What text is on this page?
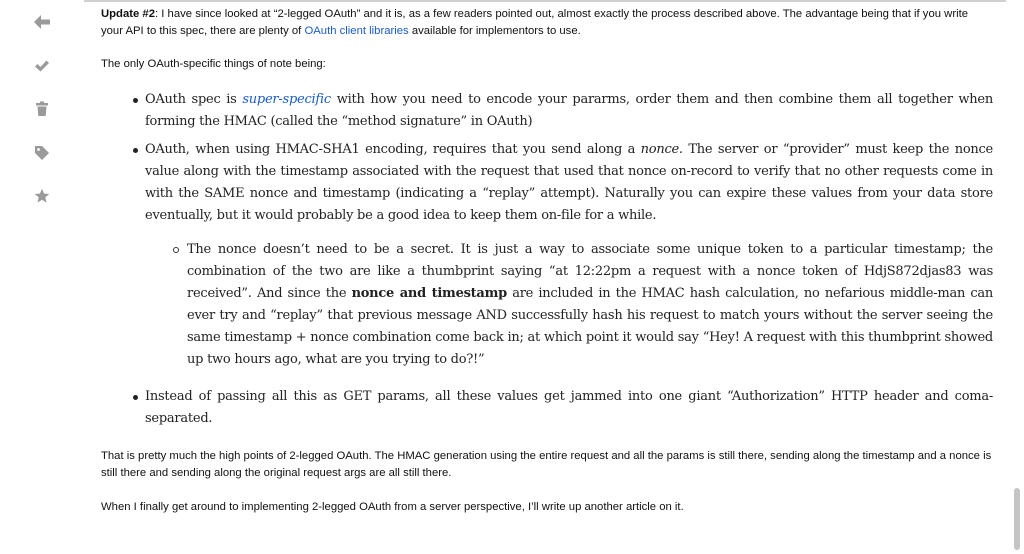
Update #2: I have since looked at “2-legged OAuth” and it is, as a few readers pointed out, almost exactly the process described above. The advantage being that if you write your API to this spec, there are plenty of OAuth client libraries available for implementors to use.

The only OAuth-specific things of note being:

OAuth spec is super-specific with how you need to encode your pararms, order them and then combine them all together when forming the HMAC (called the “method signature” in OAuth)
OAuth, when using HMAC-SHA1 encoding, requires that you send along a nonce. The server or “provider” must keep the nonce value along with the timestamp associated with the request that used that nonce on-record to verify that no other requests come in with the SAME nonce and timestamp (indicating a “replay” attempt). Naturally you can expire these values from your data store eventually, but it would probably be a good idea to keep them on-file for a while.
The nonce doesn’t need to be a secret. It is just a way to associate some unique token to a particular timestamp; the combination of the two are like a thumbprint saying “at 12:22pm a request with a nonce token of HdjS872djas83 was received”. And since the nonce and timestamp are included in the HMAC hash calculation, no nefarious middle-man can ever try and “replay” that previous message AND successfully hash his request to match yours without the server seeing the same timestamp + nonce combination come back in; at which point it would say “Hey! A request with this thumbprint showed up two hours ago, what are you trying to do?!”
Instead of passing all this as GET params, all these values get jammed into one giant “Authorization” HTTP header and coma-separated.

That is pretty much the high points of 2-legged OAuth. The HMAC generation using the entire request and all the params is still there, sending along the timestamp and a nonce is still there and sending along the original request args are all still there.

When I finally get around to implementing 2-legged OAuth from a server perspective, I’ll write up another article on it.
